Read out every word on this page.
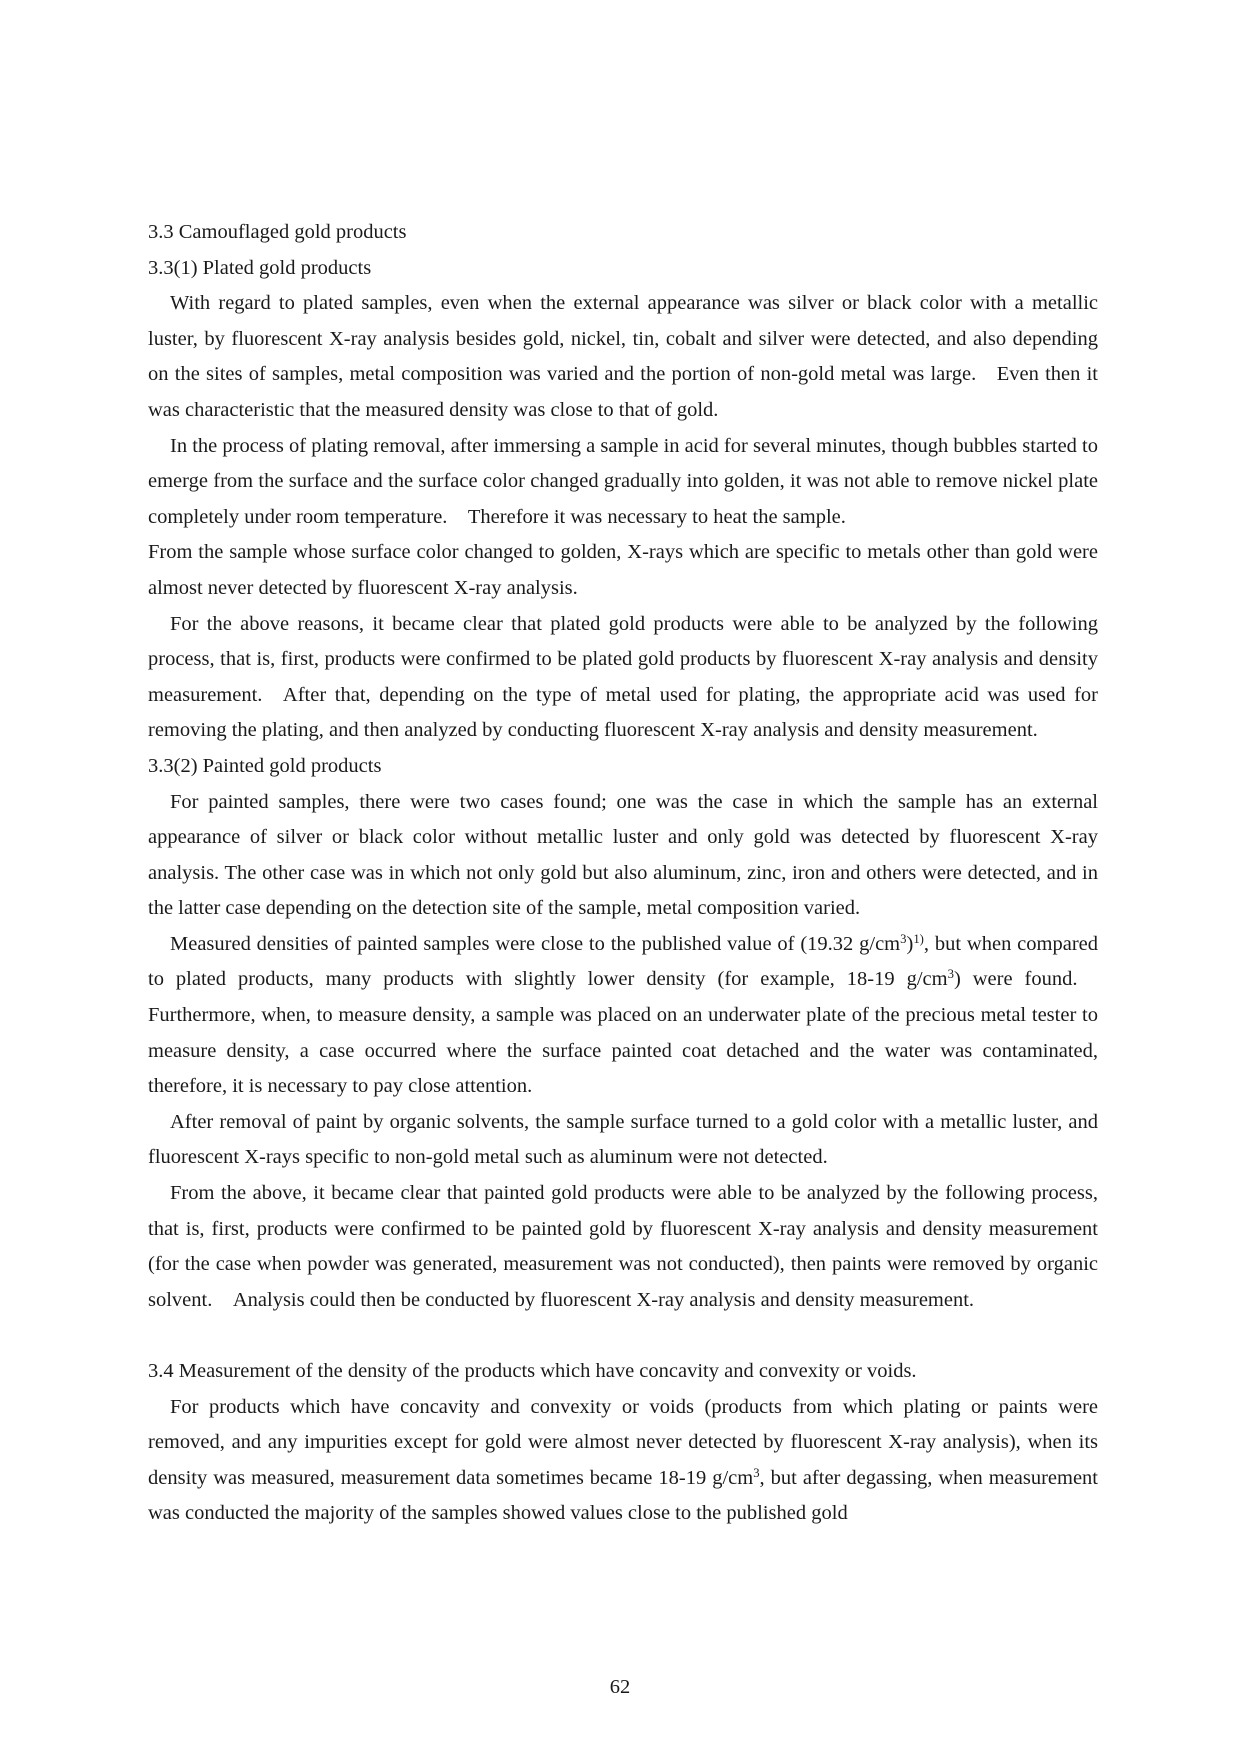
3.3 Camouflaged gold products

3.3(1) Plated gold products

With regard to plated samples, even when the external appearance was silver or black color with a metallic luster, by fluorescent X-ray analysis besides gold, nickel, tin, cobalt and silver were detected, and also depending on the sites of samples, metal composition was varied and the portion of non-gold metal was large. Even then it was characteristic that the measured density was close to that of gold.

In the process of plating removal, after immersing a sample in acid for several minutes, though bubbles started to emerge from the surface and the surface color changed gradually into golden, it was not able to remove nickel plate completely under room temperature. Therefore it was necessary to heat the sample.

From the sample whose surface color changed to golden, X-rays which are specific to metals other than gold were almost never detected by fluorescent X-ray analysis.

For the above reasons, it became clear that plated gold products were able to be analyzed by the following process, that is, first, products were confirmed to be plated gold products by fluorescent X-ray analysis and density measurement. After that, depending on the type of metal used for plating, the appropriate acid was used for removing the plating, and then analyzed by conducting fluorescent X-ray analysis and density measurement.

3.3(2) Painted gold products

For painted samples, there were two cases found; one was the case in which the sample has an external appearance of silver or black color without metallic luster and only gold was detected by fluorescent X-ray analysis. The other case was in which not only gold but also aluminum, zinc, iron and others were detected, and in the latter case depending on the detection site of the sample, metal composition varied.

Measured densities of painted samples were close to the published value of (19.32 $g/cm^3)^{1)}$, but when compared to plated products, many products with slightly lower density (for example, 18-19 $g/cm^3$) were found. Furthermore, when, to measure density, a sample was placed on an underwater plate of the precious metal tester to measure density, a case occurred where the surface painted coat detached and the water was contaminated, therefore, it is necessary to pay close attention.

After removal of paint by organic solvents, the sample surface turned to a gold color with a metallic luster, and fluorescent X-rays specific to non-gold metal such as aluminum were not detected.

From the above, it became clear that painted gold products were able to be analyzed by the following process, that is, first, products were confirmed to be painted gold by fluorescent X-ray analysis and density measurement (for the case when powder was generated, measurement was not conducted), then paints were removed by organic solvent. Analysis could then be conducted by fluorescent X-ray analysis and density measurement.

3.4 Measurement of the density of the products which have concavity and convexity or voids.

For products which have concavity and convexity or voids (products from which plating or paints were removed, and any impurities except for gold were almost never detected by fluorescent X-ray analysis), when its density was measured, measurement data sometimes became 18-19 $g/cm^3$, but after degassing, when measurement was conducted the majority of the samples showed values close to the published gold

62
